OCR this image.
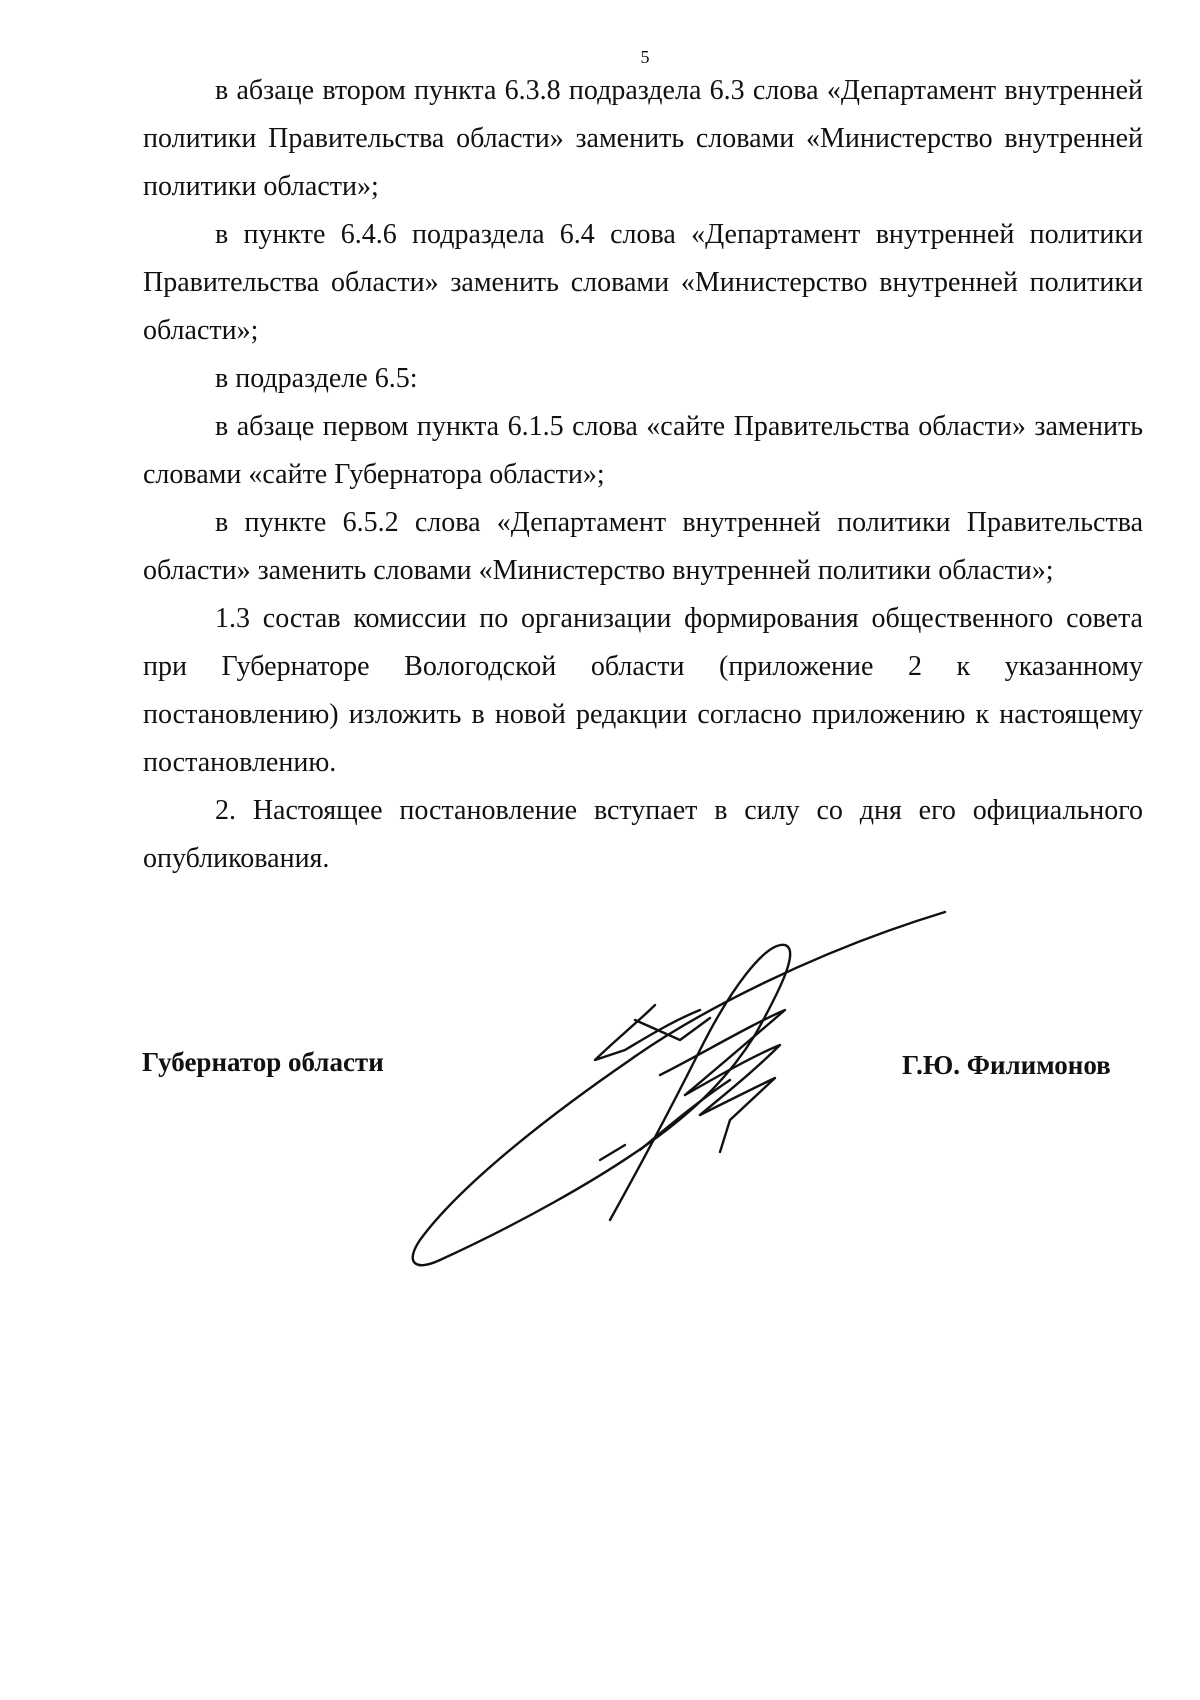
5

в абзаце втором пункта 6.3.8 подраздела 6.3 слова «Департамент внутренней политики Правительства области» заменить словами «Министерство внутренней политики области»;

в пункте 6.4.6 подраздела 6.4 слова «Департамент внутренней политики Правительства области» заменить словами «Министерство внутренней политики области»;

в подразделе 6.5:

в абзаце первом пункта 6.1.5 слова «сайте Правительства области» заменить словами «сайте Губернатора области»;

в пункте 6.5.2 слова «Департамент внутренней политики Правительства области» заменить словами «Министерство внутренней политики области»;

1.3 состав комиссии по организации формирования общественного совета при Губернаторе Вологодской области (приложение 2 к указанному постановлению) изложить в новой редакции согласно приложению к настоящему постановлению.

2. Настоящее постановление вступает в силу со дня его официального опубликования.

Губернатор области	Г.Ю. Филимонов
